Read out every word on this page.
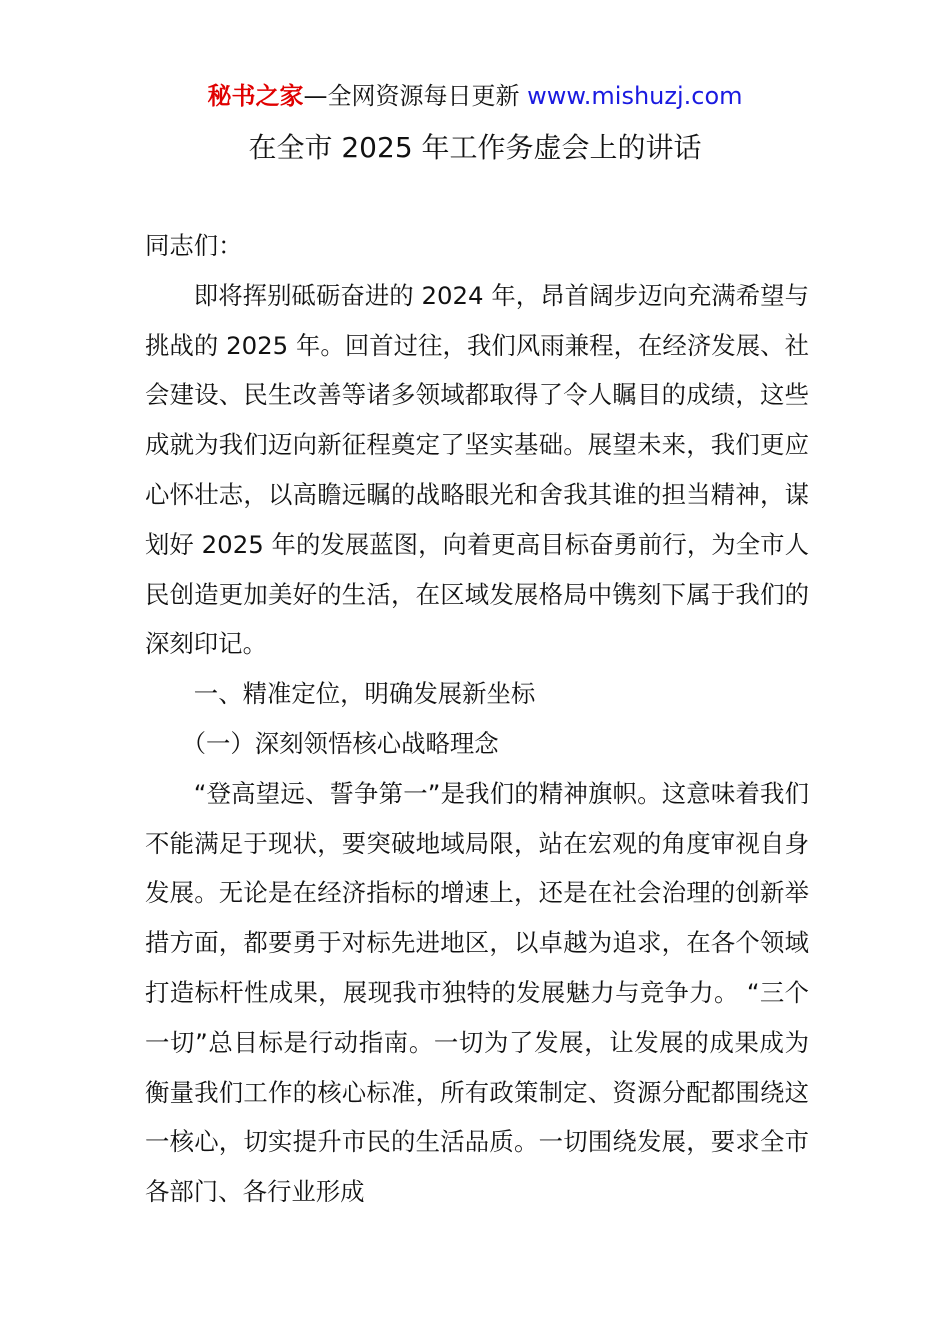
秘书之家—全网资源每日更新 www.mishuzj.com
在全市 2025 年工作务虚会上的讲话

同志们：

即将挥别砥砺奋进的 2024 年，昂首阔步迈向充满希望与挑战的 2025 年。回首过往，我们风雨兼程，在经济发展、社会建设、民生改善等诸多领域都取得了令人瞩目的成绩，这些成就为我们迈向新征程奠定了坚实基础。展望未来，我们更应心怀壮志，以高瞻远瞩的战略眼光和舍我其谁的担当精神，谋划好 2025 年的发展蓝图，向着更高目标奋勇前行，为全市人民创造更加美好的生活，在区域发展格局中镌刻下属于我们的深刻印记。

一、精准定位，明确发展新坐标

（一）深刻领悟核心战略理念

“登高望远、誓争第一”是我们的精神旗帜。这意味着我们不能满足于现状，要突破地域局限，站在宏观的角度审视自身发展。无论是在经济指标的增速上，还是在社会治理的创新举措方面，都要勇于对标先进地区，以卓越为追求，在各个领域打造标杆性成果，展现我市独特的发展魅力与竞争力。 “三个一切”总目标是行动指南。一切为了发展，让发展的成果成为衡量我们工作的核心标准，所有政策制定、资源分配都围绕这一核心，切实提升市民的生活品质。一切围绕发展，要求全市各部门、各行业形成
